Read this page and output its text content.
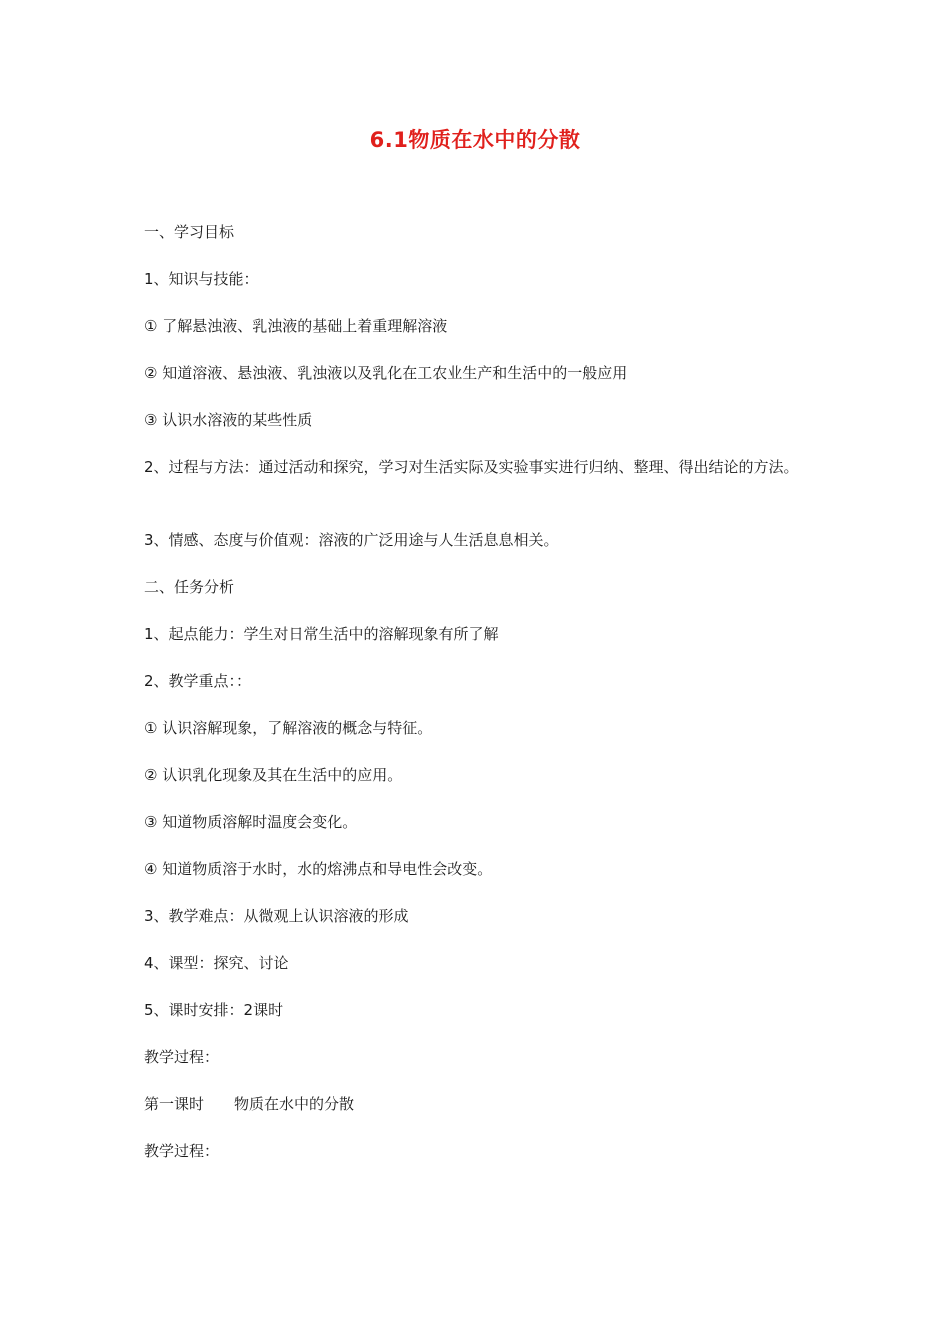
6.1物质在水中的分散
一、学习目标
1、知识与技能：
① 了解悬浊液、乳浊液的基础上着重理解溶液
② 知道溶液、悬浊液、乳浊液以及乳化在工农业生产和生活中的一般应用
③ 认识水溶液的某些性质
2、过程与方法：通过活动和探究，学习对生活实际及实验事实进行归纳、整理、得出结论的方法。
3、情感、态度与价值观：溶液的广泛用途与人生活息息相关。
二、任务分析
1、起点能力：学生对日常生活中的溶解现象有所了解
2、教学重点：：
① 认识溶解现象，了解溶液的概念与特征。
② 认识乳化现象及其在生活中的应用。
③ 知道物质溶解时温度会变化。
④ 知道物质溶于水时，水的熔沸点和导电性会改变。
3、教学难点：从微观上认识溶液的形成
4、课型：探究、讨论
5、课时安排：2课时
教学过程：
第一课时　　物质在水中的分散
教学过程：
